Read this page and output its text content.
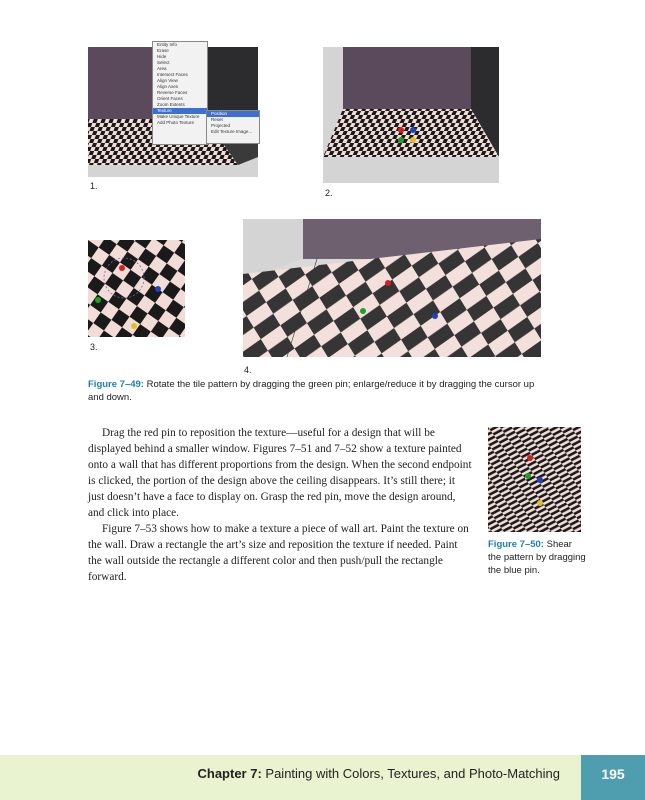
Entity Info
Erase
Hide
Select
Area
Intersect Faces
Align View
Align Axes
Reverse Faces
Orient Faces
Zoom Extents
Texture
Make Unique Texture
Add Photo Texture
Position
Reset
Projected
Edit Texture Image...
1.
2.
3.
4.
Figure 7–49: Rotate the tile pattern by dragging the green pin; enlarge/reduce it by dragging the cursor up and down.

Drag the red pin to reposition the texture—useful for a design that will be displayed behind a smaller window. Figures 7–51 and 7–52 show a texture painted onto a wall that has different proportions from the design. When the second endpoint is clicked, the portion of the design above the ceiling disappears. It’s still there; it just doesn’t have a face to display on. Grasp the red pin, move the design around, and click into place.

Figure 7–53 shows how to make a texture a piece of wall art. Paint the texture on the wall. Draw a rectangle the art’s size and reposition the texture if needed. Paint the wall outside the rectangle a different color and then push/pull the rectangle forward.

Figure 7–50: Shear the pattern by dragging the blue pin.
Chapter 7: Painting with Colors, Textures, and Photo-Matching	195
